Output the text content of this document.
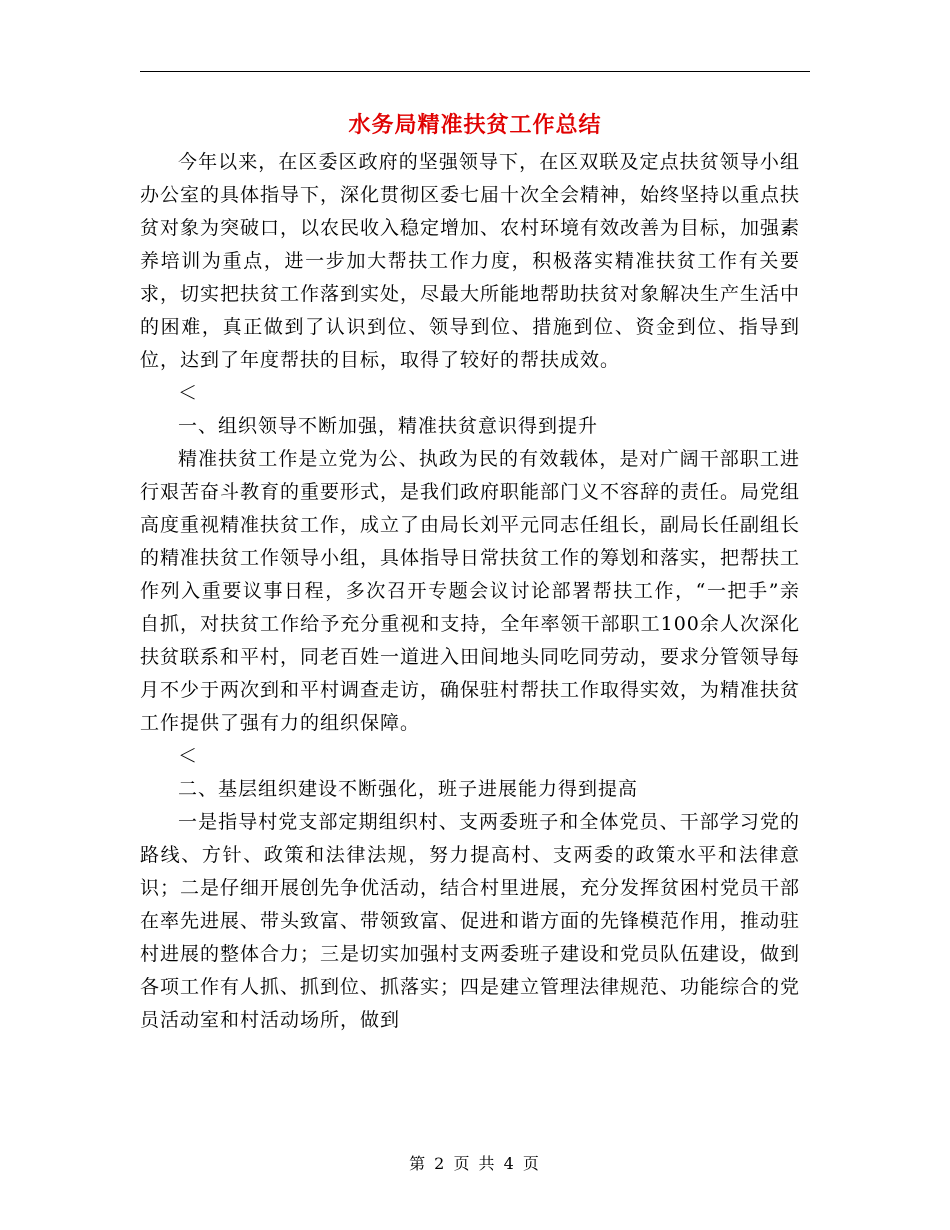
水务局精准扶贫工作总结

今年以来，在区委区政府的坚强领导下，在区双联及定点扶贫领导小组办公室的具体指导下，深化贯彻区委七届十次全会精神，始终坚持以重点扶贫对象为突破口，以农民收入稳定增加、农村环境有效改善为目标，加强素养培训为重点，进一步加大帮扶工作力度，积极落实精准扶贫工作有关要求，切实把扶贫工作落到实处，尽最大所能地帮助扶贫对象解决生产生活中的困难，真正做到了认识到位、领导到位、措施到位、资金到位、指导到位，达到了年度帮扶的目标，取得了较好的帮扶成效。

＜

一、组织领导不断加强，精准扶贫意识得到提升

精准扶贫工作是立党为公、执政为民的有效载体，是对广阔干部职工进行艰苦奋斗教育的重要形式，是我们政府职能部门义不容辞的责任。局党组高度重视精准扶贫工作，成立了由局长刘平元同志任组长，副局长任副组长的精准扶贫工作领导小组，具体指导日常扶贫工作的筹划和落实，把帮扶工作列入重要议事日程，多次召开专题会议讨论部署帮扶工作，“一把手”亲自抓，对扶贫工作给予充分重视和支持，全年率领干部职工100余人次深化扶贫联系和平村，同老百姓一道进入田间地头同吃同劳动，要求分管领导每月不少于两次到和平村调查走访，确保驻村帮扶工作取得实效，为精准扶贫工作提供了强有力的组织保障。

＜

二、基层组织建设不断强化，班子进展能力得到提高

一是指导村党支部定期组织村、支两委班子和全体党员、干部学习党的路线、方针、政策和法律法规，努力提高村、支两委的政策水平和法律意识；二是仔细开展创先争优活动，结合村里进展，充分发挥贫困村党员干部在率先进展、带头致富、带领致富、促进和谐方面的先锋模范作用，推动驻村进展的整体合力；三是切实加强村支两委班子建设和党员队伍建设，做到各项工作有人抓、抓到位、抓落实；四是建立管理法律规范、功能综合的党员活动室和村活动场所，做到

第 2 页 共 4 页
